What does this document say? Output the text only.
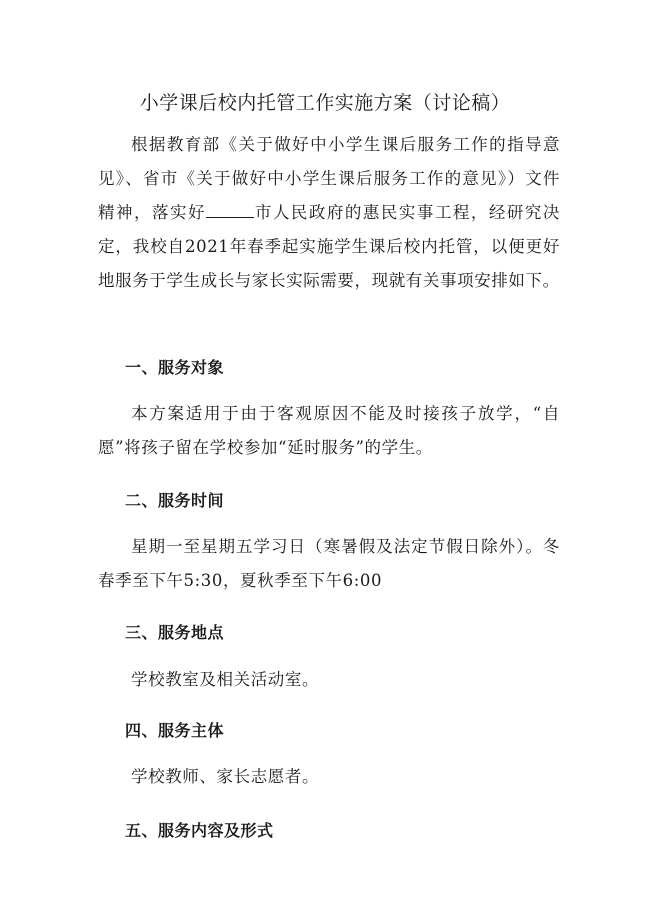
小学课后校内托管工作实施方案（讨论稿）

根据教育部《关于做好中小学生课后服务工作的指导意见》、省市《关于做好中小学生课后服务工作的意见》）文件精神，落实好	市人民政府的惠民实事工程，经研究决定，我校自2021年春季起实施学生课后校内托管，以便更好地服务于学生成长与家长实际需要，现就有关事项安排如下。

一、服务对象

本方案适用于由于客观原因不能及时接孩子放学，“自愿”将孩子留在学校参加“延时服务”的学生。

二、服务时间

星期一至星期五学习日（寒暑假及法定节假日除外）。冬春季至下午5:30，夏秋季至下午6:00

三、服务地点

学校教室及相关活动室。

四、服务主体

学校教师、家长志愿者。

五、服务内容及形式
